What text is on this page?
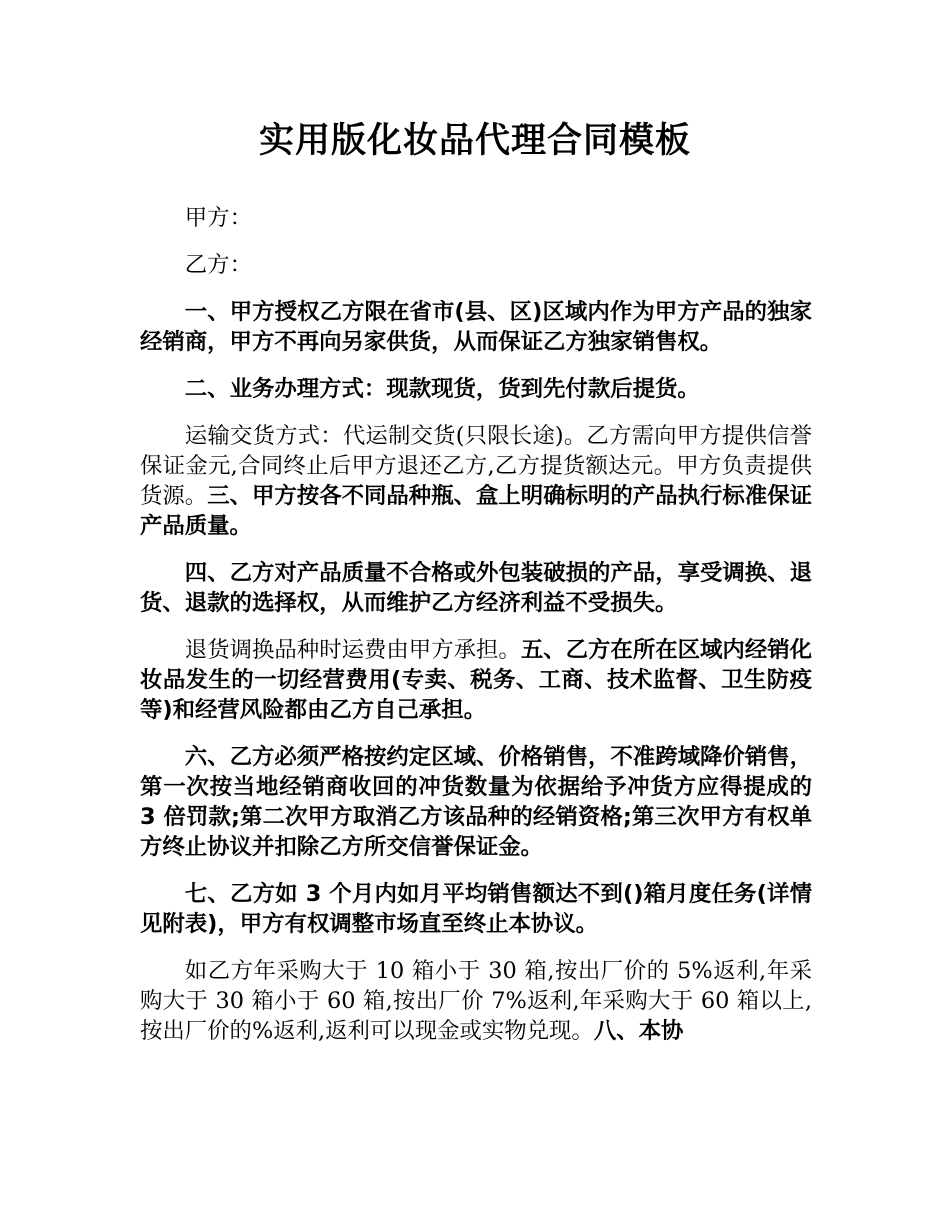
实用版化妆品代理合同模板

甲方：

乙方：

一、甲方授权乙方限在省市(县、区)区域内作为甲方产品的独家经销商，甲方不再向另家供货，从而保证乙方独家销售权。

二、业务办理方式：现款现货，货到先付款后提货。

运输交货方式：代运制交货(只限长途)。乙方需向甲方提供信誉保证金元,合同终止后甲方退还乙方,乙方提货额达元。甲方负责提供货源。三、甲方按各不同品种瓶、盒上明确标明的产品执行标准保证产品质量。

四、乙方对产品质量不合格或外包装破损的产品，享受调换、退货、退款的选择权，从而维护乙方经济利益不受损失。

退货调换品种时运费由甲方承担。五、乙方在所在区域内经销化妆品发生的一切经营费用(专卖、税务、工商、技术监督、卫生防疫等)和经营风险都由乙方自己承担。

六、乙方必须严格按约定区域、价格销售，不准跨域降价销售，第一次按当地经销商收回的冲货数量为依据给予冲货方应得提成的 3 倍罚款;第二次甲方取消乙方该品种的经销资格;第三次甲方有权单方终止协议并扣除乙方所交信誉保证金。

七、乙方如 3 个月内如月平均销售额达不到()箱月度任务(详情见附表)，甲方有权调整市场直至终止本协议。

如乙方年采购大于 10 箱小于 30 箱,按出厂价的 5%返利,年采购大于 30 箱小于 60 箱,按出厂价 7%返利,年采购大于 60 箱以上,按出厂价的%返利,返利可以现金或实物兑现。八、本协
